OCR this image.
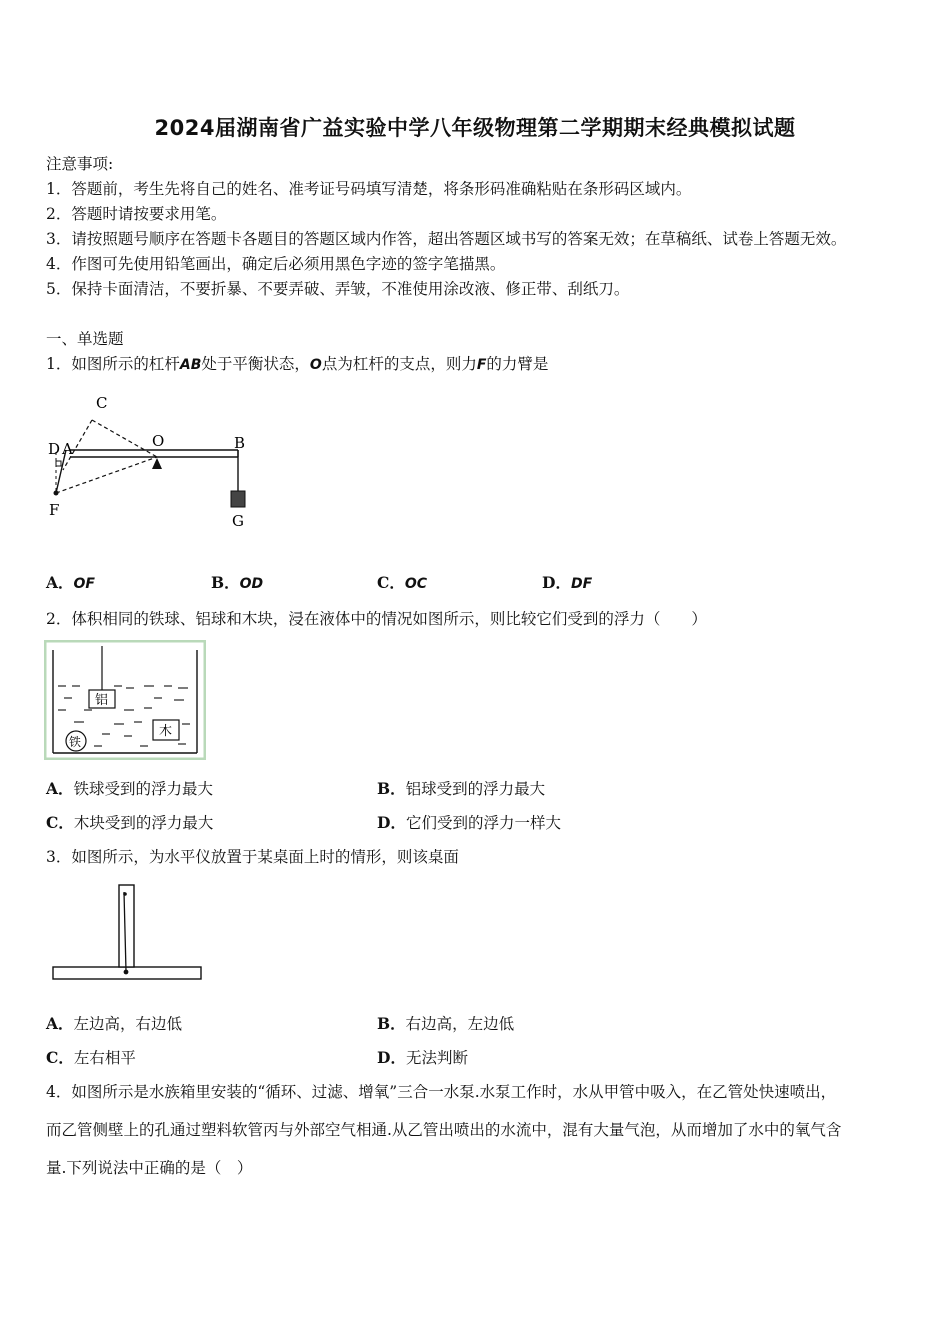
2024届湖南省广益实验中学八年级物理第二学期期末经典模拟试题
注意事项:
1．答题前，考生先将自己的姓名、准考证号码填写清楚，将条形码准确粘贴在条形码区域内。
2．答题时请按要求用笔。
3．请按照题号顺序在答题卡各题目的答题区域内作答，超出答题区域书写的答案无效；在草稿纸、试卷上答题无效。
4．作图可先使用铅笔画出，确定后必须用黑色字迹的签字笔描黑。
5．保持卡面清洁，不要折暴、不要弄破、弄皱，不准使用涂改液、修正带、刮纸刀。
一、单选题
1．如图所示的杠杆AB处于平衡状态，O点为杠杆的支点，则力F的力臂是
C
D A	O	B
F
G
A．OF	B．OD	C．OC	D．DF
2．体积相同的铁球、铝球和木块，浸在液体中的情况如图所示，则比较它们受到的浮力（　　）
铝
木
铁
A．铁球受到的浮力最大	B．铝球受到的浮力最大
C．木块受到的浮力最大	D．它们受到的浮力一样大
3．如图所示，为水平仪放置于某桌面上时的情形，则该桌面
A．左边高，右边低	B．右边高，左边低
C．左右相平	D．无法判断
4．如图所示是水族箱里安装的“循环、过滤、增氧”三合一水泵.水泵工作时，水从甲管中吸入，在乙管处快速喷出，
而乙管侧壁上的孔通过塑料软管丙与外部空气相通.从乙管出喷出的水流中，混有大量气泡，从而增加了水中的氧气含
量.下列说法中正确的是（　）
